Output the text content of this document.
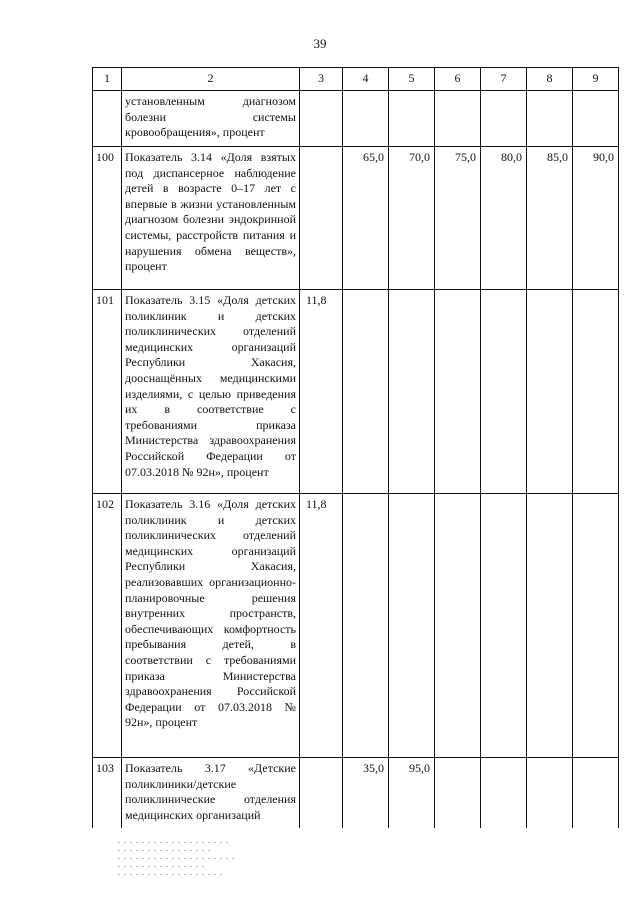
39
1	2	3	4	5	6	7	8	9
	установленным диагнозом болезни системы кровообращения», процент							
100	Показатель 3.14 «Доля взятых под диспансерное наблюдение детей в возрасте 0–17 лет с впервые в жизни установленным диагнозом болезни эндокринной системы, расстройств питания и нарушения обмена веществ», процент		65,0	70,0	75,0	80,0	85,0	90,0
101	Показатель 3.15 «Доля детских поликлиник и детских поликлинических отделений медицинских организаций Республики Хакасия, дооснащённых медицинскими изделиями, с целью приведения их в соответствие с требованиями приказа Министерства здравоохранения Российской Федерации от 07.03.2018 № 92н», процент	11,8						
102	Показатель 3.16 «Доля детских поликлиник и детских поликлинических отделений медицинских организаций Республики Хакасия, реализовавших организационно-планировочные решения внутренних пространств, обеспечивающих комфортность пребывания детей, в соответствии с требованиями приказа Министерства здравоохранения Российской Федерации от 07.03.2018 № 92н», процент	11,8						
103	Показатель 3.17 «Детские поликлиники/детские поликлинические отделения медицинских организаций		35,0	95,0				
